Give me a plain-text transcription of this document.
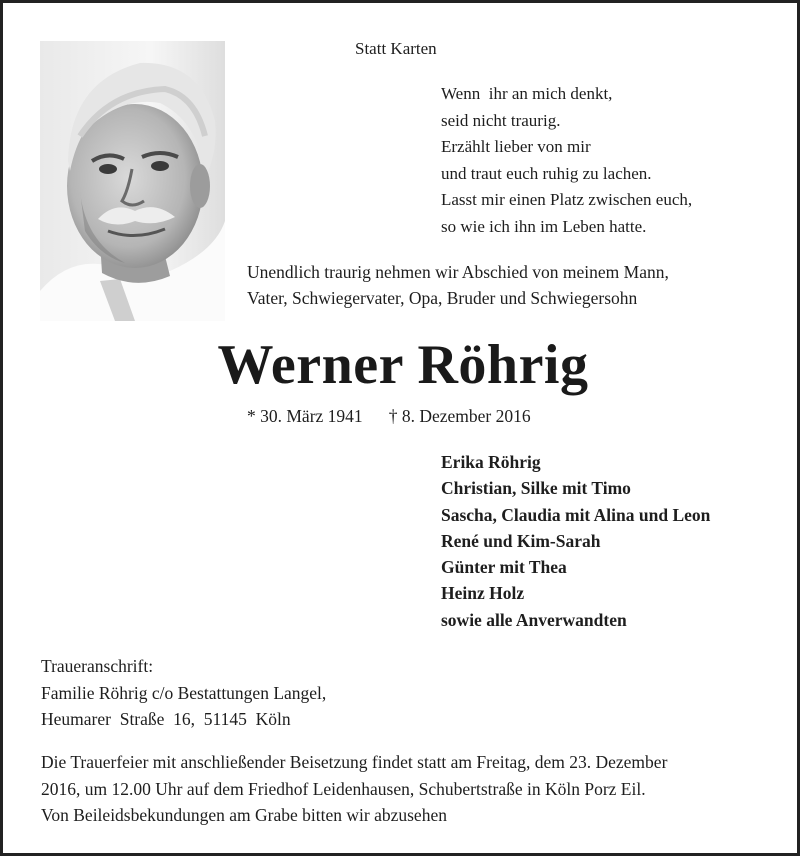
Statt Karten
Wenn  ihr an mich denkt,
seid nicht traurig.
Erzählt lieber von mir
und traut euch ruhig zu lachen.
Lasst mir einen Platz zwischen euch,
so wie ich ihn im Leben hatte.
Unendlich traurig nehmen wir Abschied von meinem Mann,
Vater, Schwiegervater, Opa, Bruder und Schwiegersohn
Werner Röhrig
* 30. März 1941 † 8. Dezember 2016
Erika Röhrig
Christian, Silke mit Timo
Sascha, Claudia mit Alina und Leon
René und Kim-Sarah
Günter mit Thea
Heinz Holz
sowie alle Anverwandten
Traueranschrift:
Familie Röhrig c/o Bestattungen Langel,
Heumarer  Straße  16,  51145  Köln
Die Trauerfeier mit anschließender Beisetzung findet statt am Freitag, dem 23. Dezember
2016, um 12.00 Uhr auf dem Friedhof Leidenhausen, Schubertstraße in Köln Porz Eil.
Von Beileidsbekundungen am Grabe bitten wir abzusehen
